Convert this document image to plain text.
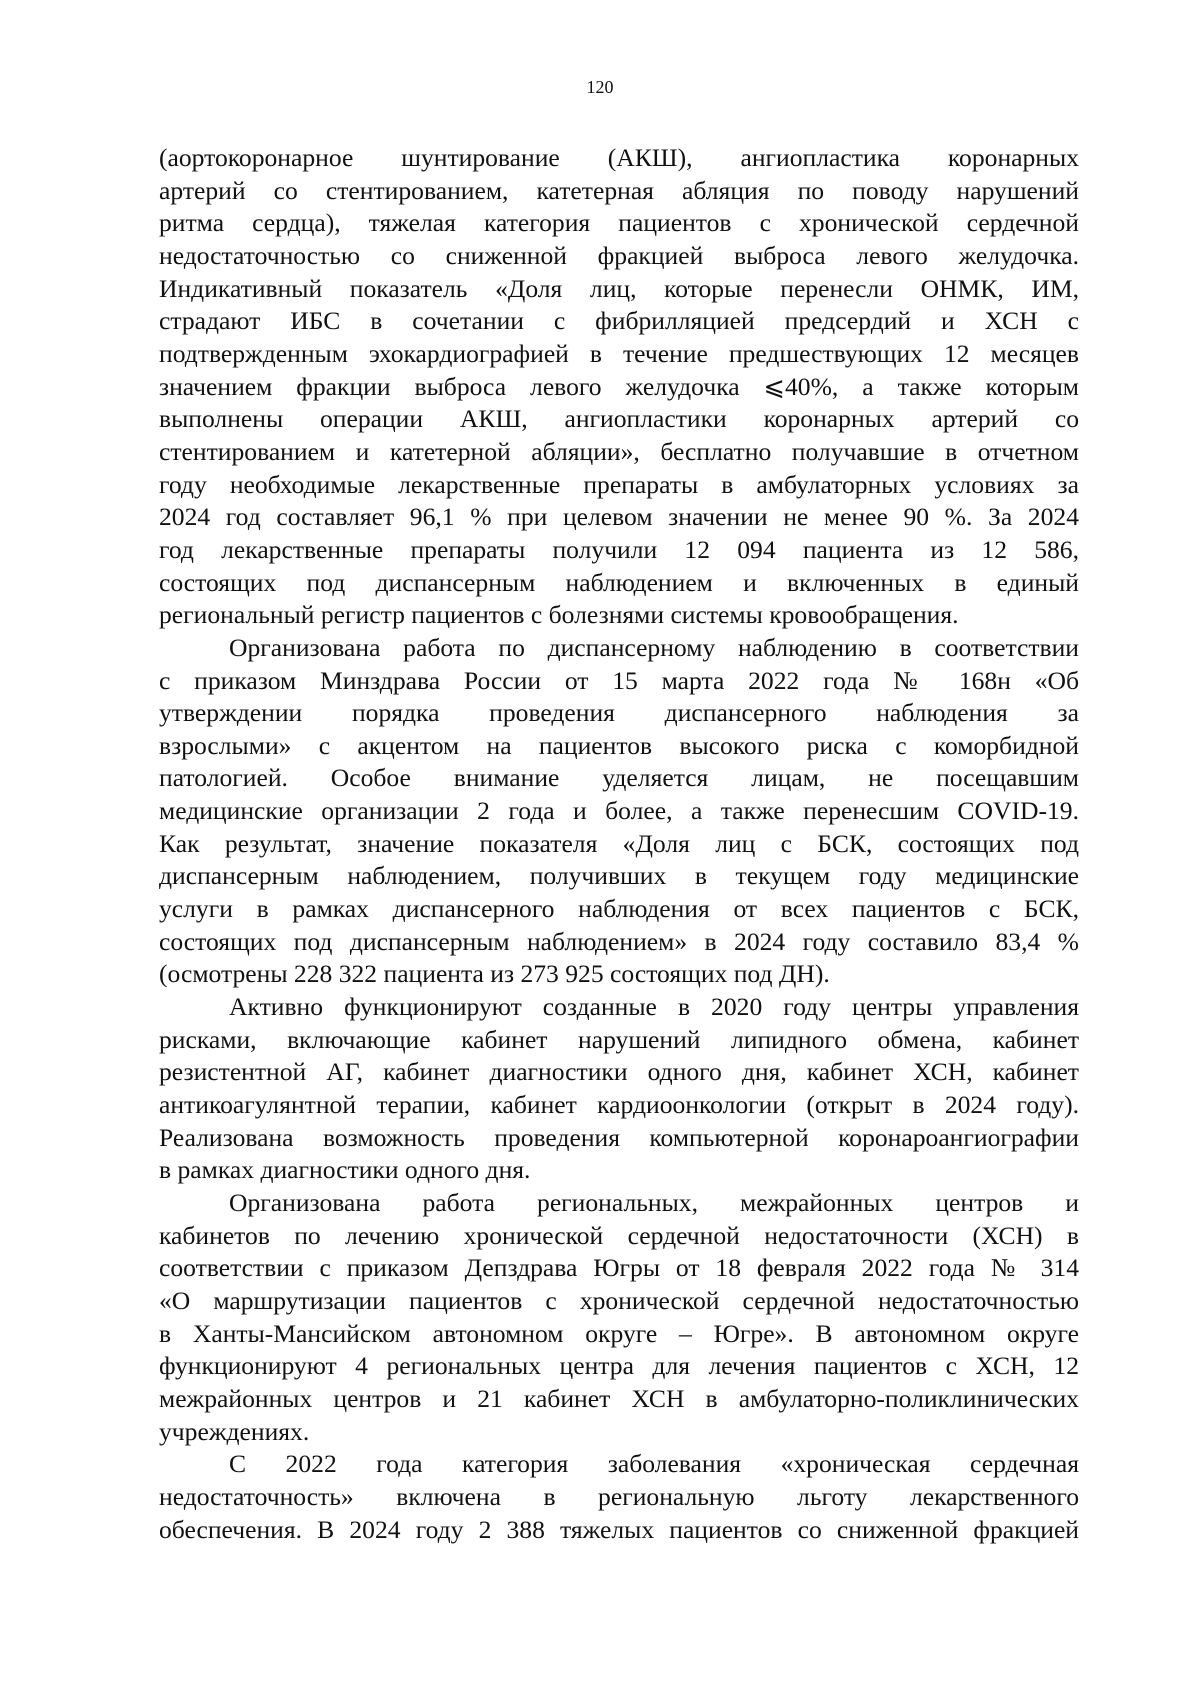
120
(аортокоронарное шунтирование (АКШ), ангиопластика коронарных
артерий со стентированием, катетерная абляция по поводу нарушений
ритма сердца), тяжелая категория пациентов с хронической сердечной
недостаточностью со сниженной фракцией выброса левого желудочка.
Индикативный показатель «Доля лиц, которые перенесли ОНМК, ИМ,
страдают ИБС в сочетании с фибрилляцией предсердий и ХСН с
подтвержденным эхокардиографией в течение предшествующих 12 месяцев
значением фракции выброса левого желудочка ⩽40%, а также которым
выполнены операции АКШ, ангиопластики коронарных артерий со
стентированием и катетерной абляции», бесплатно получавшие в отчетном
году необходимые лекарственные препараты в амбулаторных условиях за
2024 год составляет 96,1 % при целевом значении не менее 90 %. За 2024
год лекарственные препараты получили 12 094 пациента из 12 586,
состоящих под диспансерным наблюдением и включенных в единый
региональный регистр пациентов с болезнями системы кровообращения.
Организована работа по диспансерному наблюдению в соответствии
с приказом Минздрава России от 15 марта 2022 года № 168н «Об
утверждении порядка проведения диспансерного наблюдения за
взрослыми» с акцентом на пациентов высокого риска с коморбидной
патологией. Особое внимание уделяется лицам, не посещавшим
медицинские организации 2 года и более, а также перенесшим COVID-19.
Как результат, значение показателя «Доля лиц с БСК, состоящих под
диспансерным наблюдением, получивших в текущем году медицинские
услуги в рамках диспансерного наблюдения от всех пациентов с БСК,
состоящих под диспансерным наблюдением» в 2024 году составило 83,4 %
(осмотрены 228 322 пациента из 273 925 состоящих под ДН).
Активно функционируют созданные в 2020 году центры управления
рисками, включающие кабинет нарушений липидного обмена, кабинет
резистентной АГ, кабинет диагностики одного дня, кабинет ХСН, кабинет
антикоагулянтной терапии, кабинет кардиоонкологии (открыт в 2024 году).
Реализована возможность проведения компьютерной коронароангиографии
в рамках диагностики одного дня.
Организована работа региональных, межрайонных центров и
кабинетов по лечению хронической сердечной недостаточности (ХСН) в
соответствии с приказом Депздрава Югры от 18 февраля 2022 года № 314
«О маршрутизации пациентов с хронической сердечной недостаточностью
в Ханты-Мансийском автономном округе – Югре». В автономном округе
функционируют 4 региональных центра для лечения пациентов с ХСН, 12
межрайонных центров и 21 кабинет ХСН в амбулаторно-поликлинических
учреждениях.
С 2022 года категория заболевания «хроническая сердечная
недостаточность» включена в региональную льготу лекарственного
обеспечения. В 2024 году 2 388 тяжелых пациентов со сниженной фракцией
